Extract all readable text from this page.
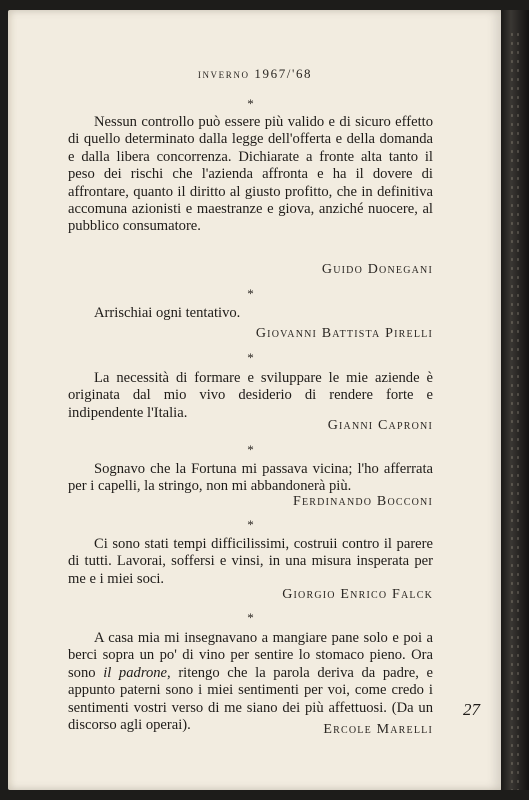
inverno 1967/'68
*

Nessun controllo può essere più valido e di sicuro effetto di quello determinato dalla legge dell'offerta e della domanda e dalla libera concorrenza. Dichiarate a fronte alta tanto il peso dei rischi che l'azienda affronta e ha il dovere di affrontare, quanto il diritto al giusto profitto, che in definitiva accomuna azionisti e maestranze e giova, anziché nuocere, al pubblico consumatore.

Guido Donegani
*

Arrischiai ogni tentativo.

Giovanni Battista Pirelli
*

La necessità di formare e sviluppare le mie aziende è originata dal mio vivo desiderio di rendere forte e indipendente l'Italia.

Gianni Caproni
*

Sognavo che la Fortuna mi passava vicina; l'ho afferrata per i capelli, la stringo, non mi abbandonerà più.

Ferdinando Bocconi
*

Ci sono stati tempi difficilissimi, costruii contro il parere di tutti. Lavorai, soffersi e vinsi, in una misura insperata per me e i miei soci.

Giorgio Enrico Falck
*

A casa mia mi insegnavano a mangiare pane solo e poi a berci sopra un po' di vino per sentire lo stomaco pieno. Ora sono il padrone, ritengo che la parola deriva da padre, e appunto paterni sono i miei sentimenti per voi, come credo i sentimenti vostri verso di me siano dei più affettuosi. (Da un discorso agli operai).	Ercole Marelli
27
